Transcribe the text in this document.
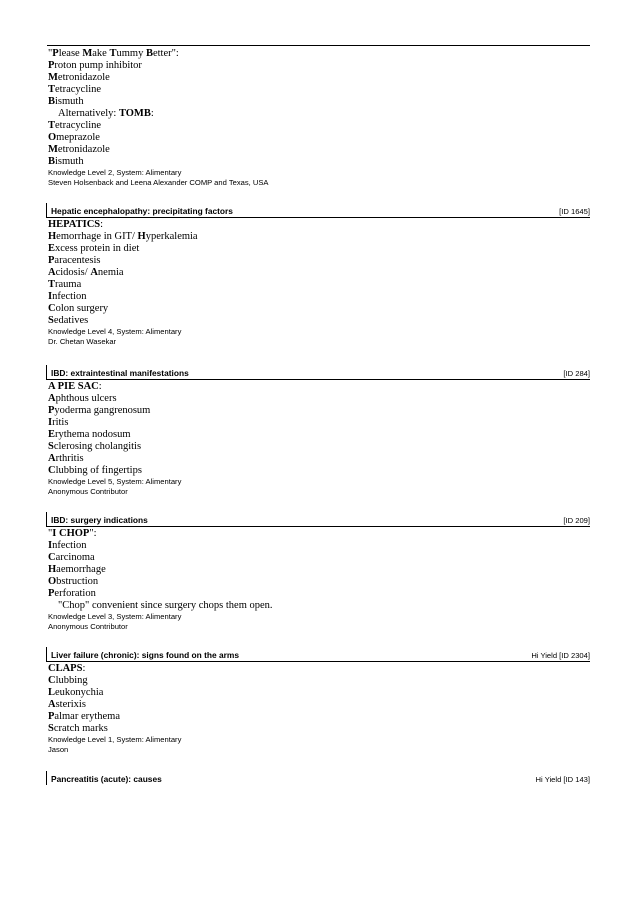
"Please Make Tummy Better":
Proton pump inhibitor
Metronidazole
Tetracycline
Bismuth
Alternatively: TOMB:
Tetracycline
Omeprazole
Metronidazole
Bismuth
Knowledge Level 2, System: Alimentary
Steven Holsenback and Leena Alexander COMP and Texas, USA
Hepatic encephalopathy: precipitating factors	[ID 1645]
HEPATICS:
Hemorrhage in GIT/ Hyperkalemia
Excess protein in diet
Paracentesis
Acidosis/ Anemia
Trauma
Infection
Colon surgery
Sedatives
Knowledge Level 4, System: Alimentary
Dr. Chetan Wasekar
IBD: extraintestinal manifestations	[ID 284]
A PIE SAC:
Aphthous ulcers
Pyoderma gangrenosum
Iritis
Erythema nodosum
Sclerosing cholangitis
Arthritis
Clubbing of fingertips
Knowledge Level 5, System: Alimentary
Anonymous Contributor
IBD: surgery indications	[ID 209]
"I CHOP":
Infection
Carcinoma
Haemorrhage
Obstruction
Perforation
"Chop" convenient since surgery chops them open.
Knowledge Level 3, System: Alimentary
Anonymous Contributor
Liver failure (chronic): signs found on the arms	Hi Yield [ID 2304]
CLAPS:
Clubbing
Leukonychia
Asterixis
Palmar erythema
Scratch marks
Knowledge Level 1, System: Alimentary
Jason
Pancreatitis (acute): causes	Hi Yield [ID 143]
